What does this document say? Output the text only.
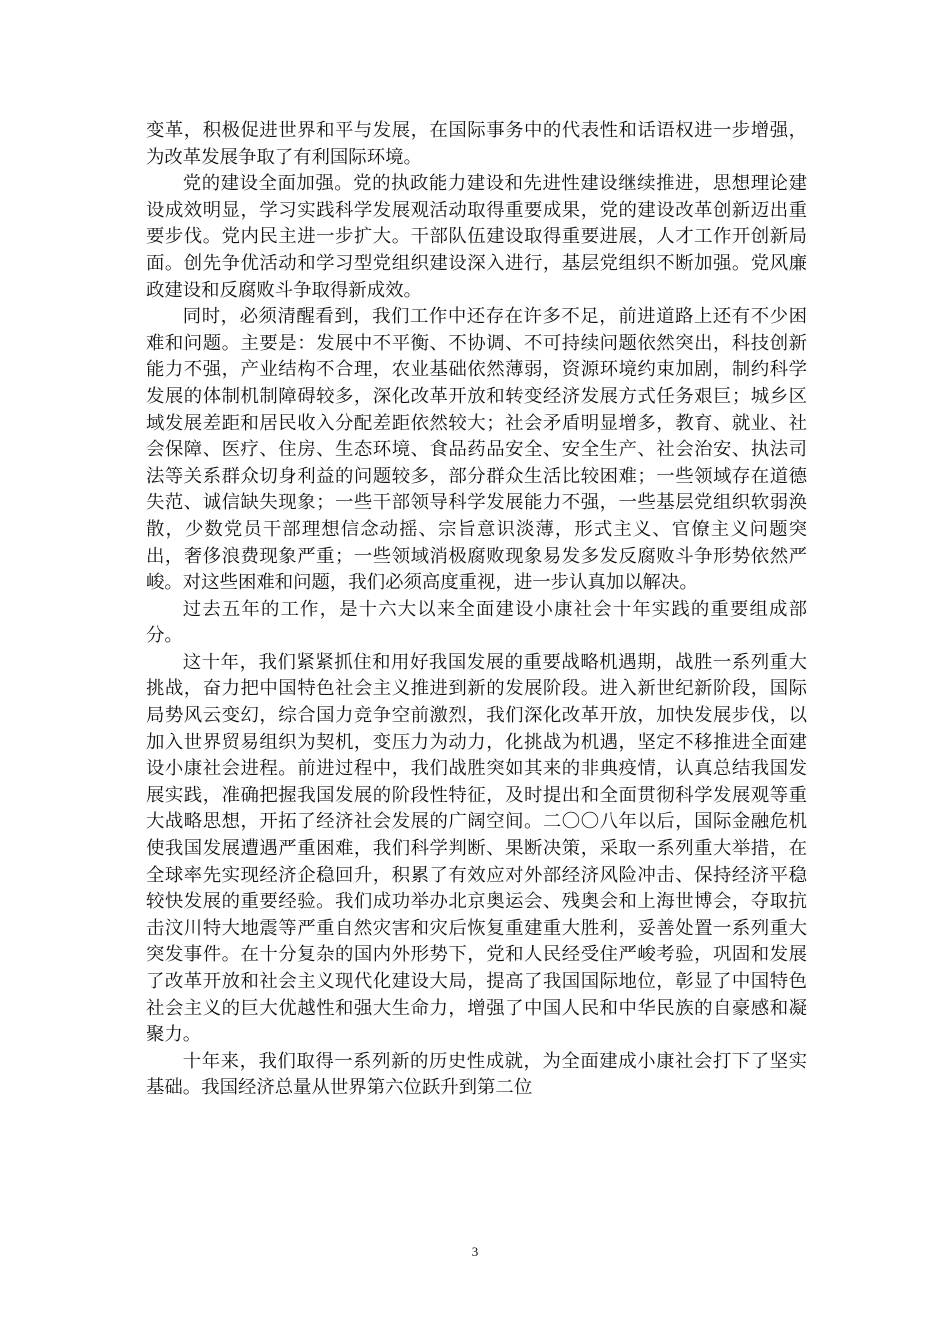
变革，积极促进世界和平与发展，在国际事务中的代表性和话语权进一步增强，为改革发展争取了有利国际环境。

党的建设全面加强。党的执政能力建设和先进性建设继续推进，思想理论建设成效明显，学习实践科学发展观活动取得重要成果，党的建设改革创新迈出重要步伐。党内民主进一步扩大。干部队伍建设取得重要进展，人才工作开创新局面。创先争优活动和学习型党组织建设深入进行，基层党组织不断加强。党风廉政建设和反腐败斗争取得新成效。

同时，必须清醒看到，我们工作中还存在许多不足，前进道路上还有不少困难和问题。主要是：发展中不平衡、不协调、不可持续问题依然突出，科技创新能力不强，产业结构不合理，农业基础依然薄弱，资源环境约束加剧，制约科学发展的体制机制障碍较多，深化改革开放和转变经济发展方式任务艰巨；城乡区域发展差距和居民收入分配差距依然较大；社会矛盾明显增多，教育、就业、社会保障、医疗、住房、生态环境、食品药品安全、安全生产、社会治安、执法司法等关系群众切身利益的问题较多，部分群众生活比较困难；一些领域存在道德失范、诚信缺失现象；一些干部领导科学发展能力不强，一些基层党组织软弱涣散，少数党员干部理想信念动摇、宗旨意识淡薄，形式主义、官僚主义问题突出，奢侈浪费现象严重；一些领域消极腐败现象易发多发反腐败斗争形势依然严峻。对这些困难和问题，我们必须高度重视，进一步认真加以解决。

过去五年的工作，是十六大以来全面建设小康社会十年实践的重要组成部分。

这十年，我们紧紧抓住和用好我国发展的重要战略机遇期，战胜一系列重大挑战，奋力把中国特色社会主义推进到新的发展阶段。进入新世纪新阶段，国际局势风云变幻，综合国力竞争空前激烈，我们深化改革开放，加快发展步伐，以加入世界贸易组织为契机，变压力为动力，化挑战为机遇，坚定不移推进全面建设小康社会进程。前进过程中，我们战胜突如其来的非典疫情，认真总结我国发展实践，准确把握我国发展的阶段性特征，及时提出和全面贯彻科学发展观等重大战略思想，开拓了经济社会发展的广阔空间。二〇〇八年以后，国际金融危机使我国发展遭遇严重困难，我们科学判断、果断决策，采取一系列重大举措，在全球率先实现经济企稳回升，积累了有效应对外部经济风险冲击、保持经济平稳较快发展的重要经验。我们成功举办北京奥运会、残奥会和上海世博会，夺取抗击汶川特大地震等严重自然灾害和灾后恢复重建重大胜利，妥善处置一系列重大突发事件。在十分复杂的国内外形势下，党和人民经受住严峻考验，巩固和发展了改革开放和社会主义现代化建设大局，提高了我国国际地位，彰显了中国特色社会主义的巨大优越性和强大生命力，增强了中国人民和中华民族的自豪感和凝聚力。

十年来，我们取得一系列新的历史性成就，为全面建成小康社会打下了坚实基础。我国经济总量从世界第六位跃升到第二位

3
